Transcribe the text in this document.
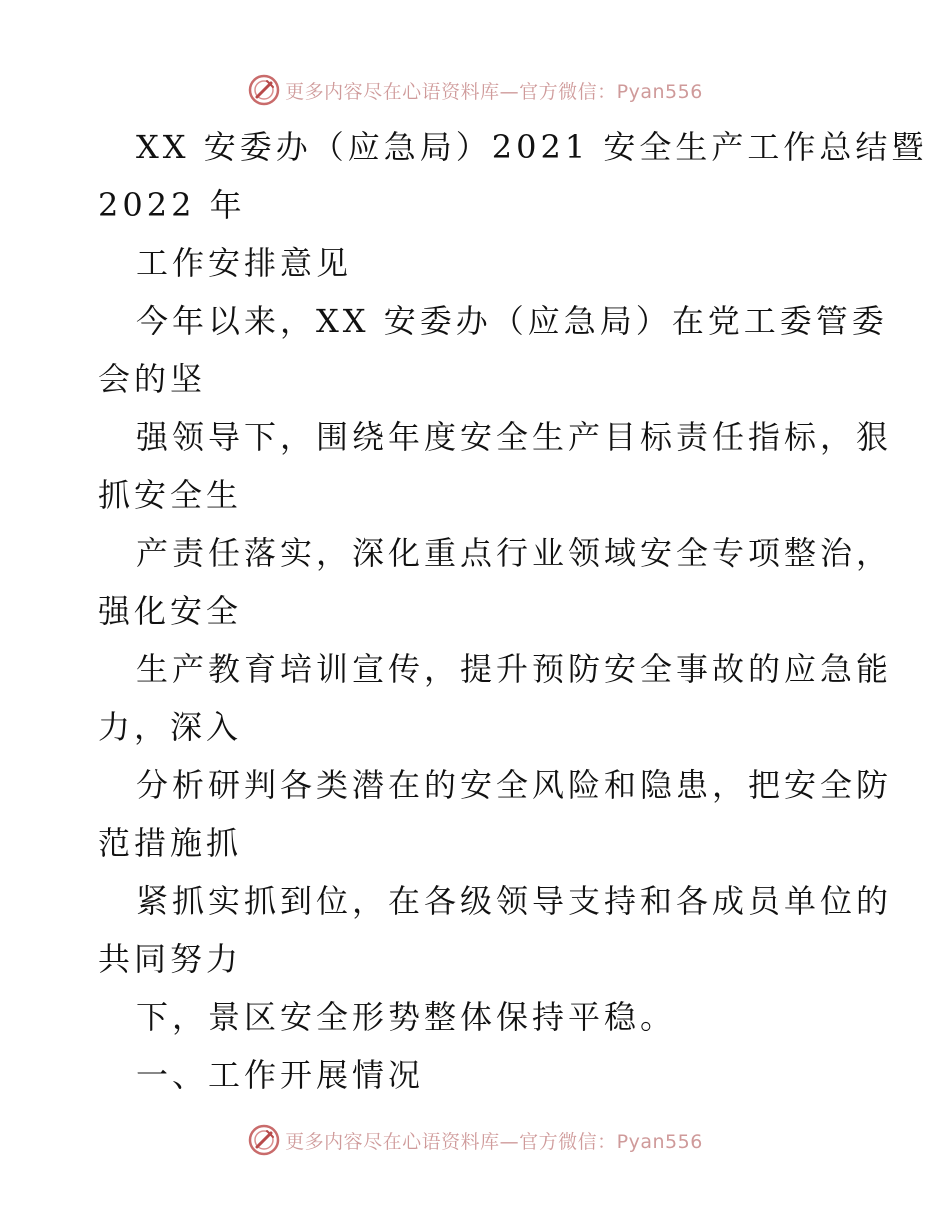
更多内容尽在心语资料库—官方微信：Pyan556
XX 安委办（应急局）2021 安全生产工作总结暨
2022 年
工作安排意见
今年以来，XX 安委办（应急局）在党工委管委
会的坚
强领导下，围绕年度安全生产目标责任指标，狠
抓安全生
产责任落实，深化重点行业领域安全专项整治，
强化安全
生产教育培训宣传，提升预防安全事故的应急能
力，深入
分析研判各类潜在的安全风险和隐患，把安全防
范措施抓
紧抓实抓到位，在各级领导支持和各成员单位的
共同努力
下，景区安全形势整体保持平稳。
一、工作开展情况
更多内容尽在心语资料库—官方微信：Pyan556
